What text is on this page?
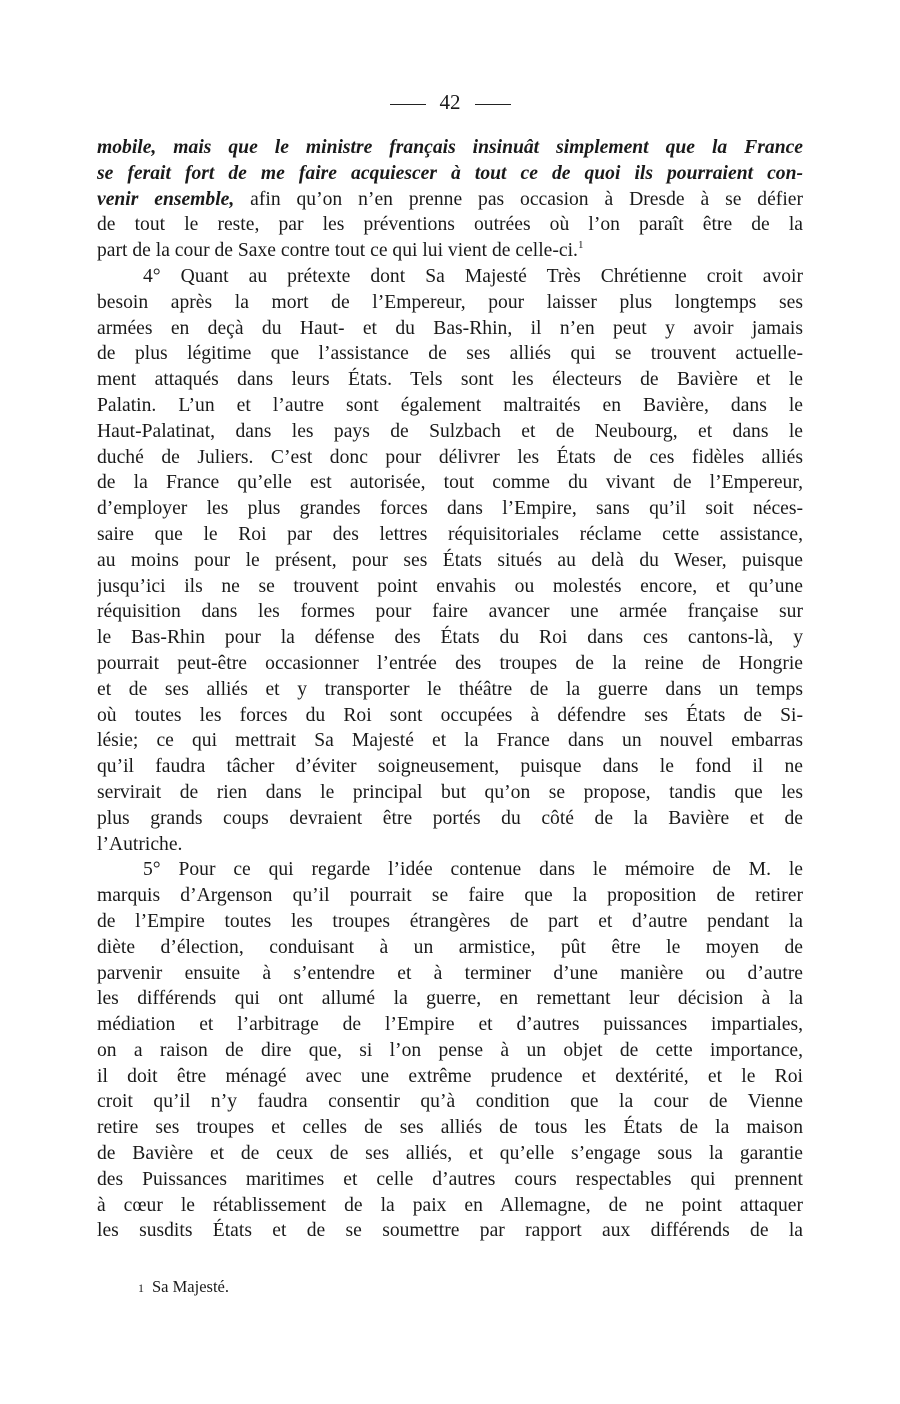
42
mobile, mais que le ministre français insinuât simplement que la France
se ferait fort de me faire acquiescer à tout ce de quoi ils pourraient con-
venir ensemble, afin qu’on n’en prenne pas occasion à Dresde à se défier
de tout le reste, par les préventions outrées où l’on paraît être de la
part de la cour de Saxe contre tout ce qui lui vient de celle-ci.$^1$
4° Quant au prétexte dont Sa Majesté Très Chrétienne croit avoir
besoin après la mort de l’Empereur, pour laisser plus longtemps ses
armées en deçà du Haut- et du Bas-Rhin, il n’en peut y avoir jamais
de plus légitime que l’assistance de ses alliés qui se trouvent actuelle-
ment attaqués dans leurs États. Tels sont les électeurs de Bavière et le
Palatin. L’un et l’autre sont également maltraités en Bavière, dans le
Haut-Palatinat, dans les pays de Sulzbach et de Neubourg, et dans le
duché de Juliers. C’est donc pour délivrer les États de ces fidèles alliés
de la France qu’elle est autorisée, tout comme du vivant de l’Empereur,
d’employer les plus grandes forces dans l’Empire, sans qu’il soit néces-
saire que le Roi par des lettres réquisitoriales réclame cette assistance,
au moins pour le présent, pour ses États situés au delà du Weser, puisque
jusqu’ici ils ne se trouvent point envahis ou molestés encore, et qu’une
réquisition dans les formes pour faire avancer une armée française sur
le Bas-Rhin pour la défense des États du Roi dans ces cantons-là, y
pourrait peut-être occasionner l’entrée des troupes de la reine de Hongrie
et de ses alliés et y transporter le théâtre de la guerre dans un temps
où toutes les forces du Roi sont occupées à défendre ses États de Si-
lésie; ce qui mettrait Sa Majesté et la France dans un nouvel embarras
qu’il faudra tâcher d’éviter soigneusement, puisque dans le fond il ne
servirait de rien dans le principal but qu’on se propose, tandis que les
plus grands coups devraient être portés du côté de la Bavière et de
l’Autriche.
5° Pour ce qui regarde l’idée contenue dans le mémoire de M. le
marquis d’Argenson qu’il pourrait se faire que la proposition de retirer
de l’Empire toutes les troupes étrangères de part et d’autre pendant la
diète d’élection, conduisant à un armistice, pût être le moyen de
parvenir ensuite à s’entendre et à terminer d’une manière ou d’autre
les différends qui ont allumé la guerre, en remettant leur décision à la
médiation et l’arbitrage de l’Empire et d’autres puissances impartiales,
on a raison de dire que, si l’on pense à un objet de cette importance,
il doit être ménagé avec une extrême prudence et dextérité, et le Roi
croit qu’il n’y faudra consentir qu’à condition que la cour de Vienne
retire ses troupes et celles de ses alliés de tous les États de la maison
de Bavière et de ceux de ses alliés, et qu’elle s’engage sous la garantie
des Puissances maritimes et celle d’autres cours respectables qui prennent
à cœur le rétablissement de la paix en Allemagne, de ne point attaquer
les susdits États et de se soumettre par rapport aux différends de la
1 Sa Majesté.
